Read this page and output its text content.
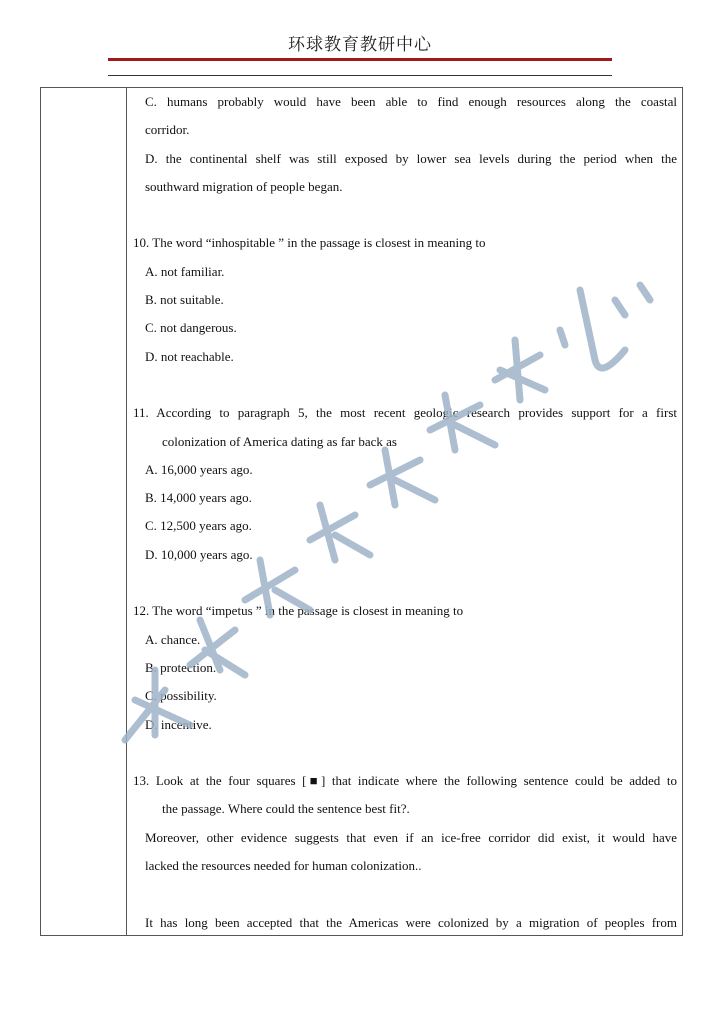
环球教育教研中心

C. humans probably would have been able to find enough resources along the coastal

corridor.

D. the continental shelf was still exposed by lower sea levels during the period when the

southward migration of people began.

10. The word “inhospitable ” in the passage is closest in meaning to

A. not familiar.

B. not suitable.

C. not dangerous.

D. not reachable.

11. According to paragraph 5, the most recent geologic research provides support for a first

colonization of America dating as far back as

A. 16,000 years ago.

B. 14,000 years ago.

C. 12,500 years ago.

D. 10,000 years ago.

12. The word “impetus ” in the passage is closest in meaning to

A. chance.

B. protection.

C. possibility.

D. incentive.

13. Look at the four squares [■] that indicate where the following sentence could be added to

the passage. Where could the sentence best fit?.

Moreover, other evidence suggests that even if an ice-free corridor did exist, it would have

lacked the resources needed for human colonization..

It has long been accepted that the Americas were colonized by a migration of peoples from
